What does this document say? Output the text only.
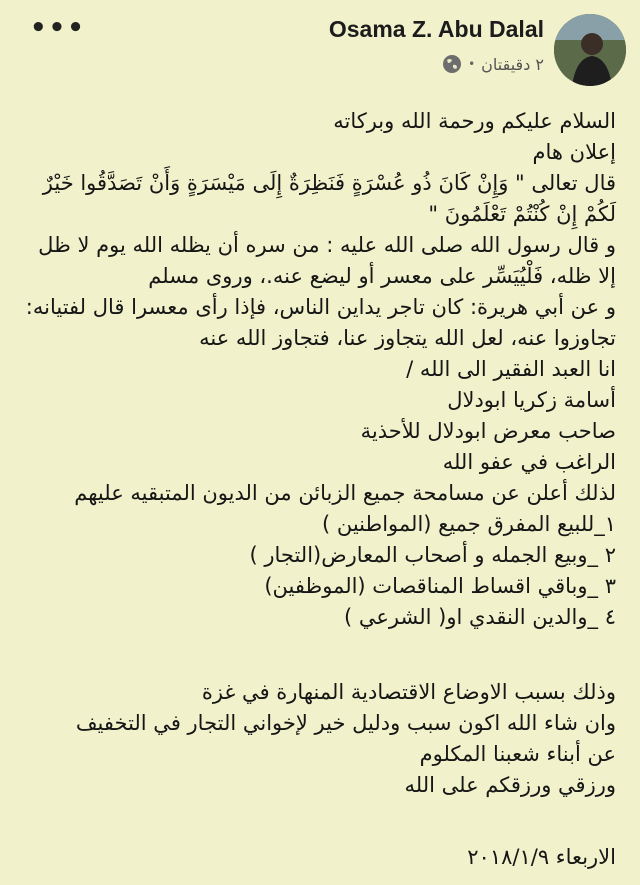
•••	Osama Z. Abu Dalal
٢ دقيقتان
•

السلام عليكم ورحمة الله وبركاته

إعلان هام

قال تعالى " وَإِنْ كَانَ ذُو عُسْرَةٍ فَنَظِرَةٌ إِلَى مَيْسَرَةٍ وَأَنْ تَصَدَّقُوا خَيْرٌ

لَكُمْ إِنْ كُنْتُمْ تَعْلَمُونَ "

و قال رسول الله صلى الله عليه : من سره أن يظله الله يوم لا ظل

إلا ظله، فَلْيُيَسِّر على معسر أو ليضع عنه.، وروى مسلم

و عن أبي هريرة: كان تاجر يداين الناس، فإذا رأى معسرا قال لفتيانه:

تجاوزوا عنه، لعل الله يتجاوز عنا، فتجاوز الله عنه

انا العبد الفقير الى الله /

أسامة زكريا ابودلال

صاحب معرض ابودلال للأحذية

الراغب في عفو الله

لذلك أعلن عن مسامحة جميع الزبائن من الديون المتبقيه عليهم

١_للبيع المفرق جميع (المواطنين )

٢ _وبيع الجمله و أصحاب المعارض(التجار )

٣ _وباقي اقساط المناقصات (الموظفين)

٤ _والدين النقدي او( الشرعي )

وذلك بسبب الاوضاع الاقتصادية المنهارة في غزة

وان شاء الله اكون سبب ودليل خير لإخواني التجار في التخفيف

عن أبناء شعبنا المكلوم

ورزقي ورزقكم على الله

الاربعاء ٢٠١٨/١/٩
